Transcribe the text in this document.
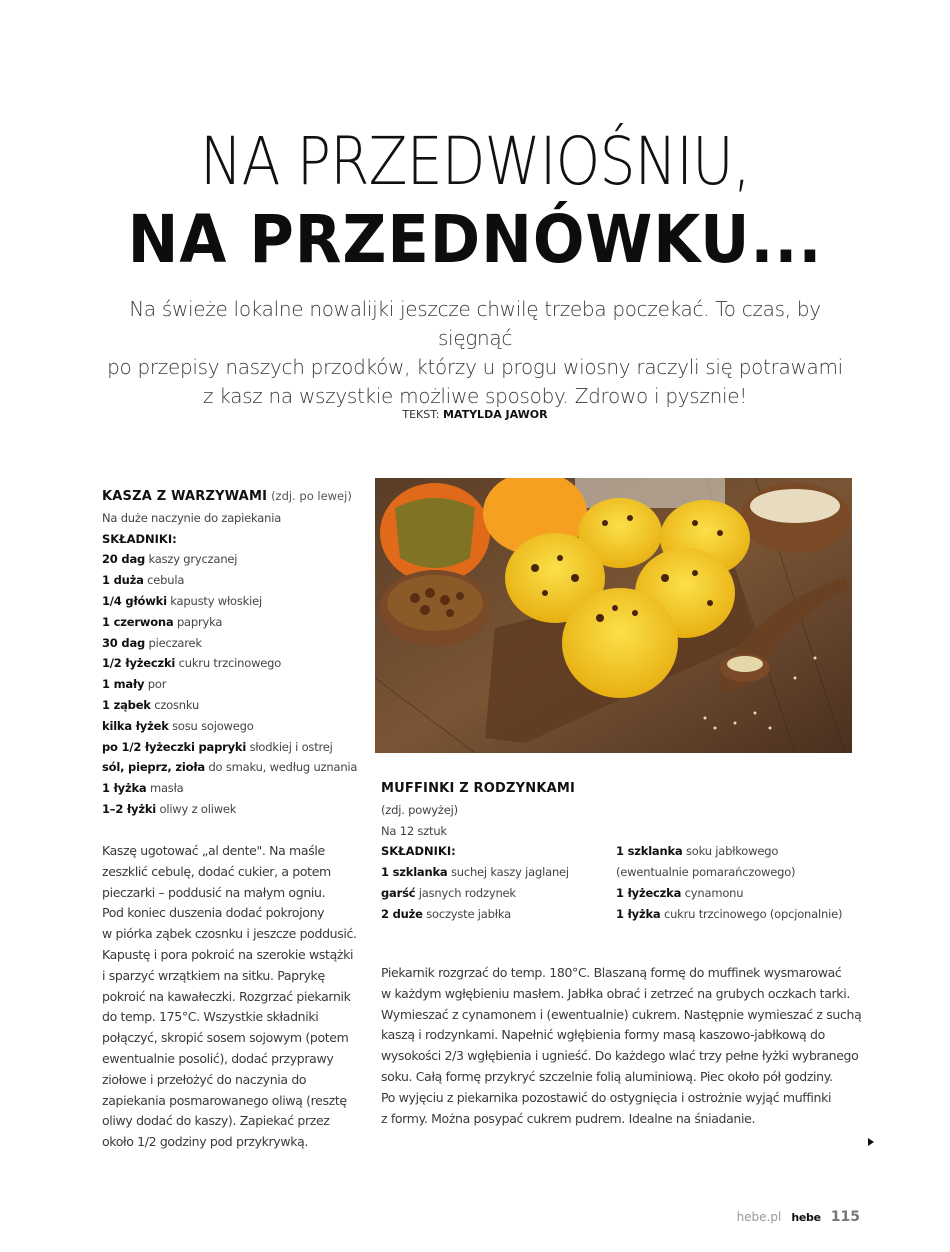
NA PRZEDWIOŚNIU,
NA PRZEDNÓWKU...
Na świeże lokalne nowalijki jeszcze chwilę trzeba poczekać. To czas, by sięgnąć
po przepisy naszych przodków, którzy u progu wiosny raczyli się potrawami
z kasz na wszystkie możliwe sposoby. Zdrowo i pysznie!
TEKST: MATYLDA JAWOR
KASZA Z WARZYWAMI (zdj. po lewej)
Na duże naczynie do zapiekania
SKŁADNIKI:
20 dag kaszy gryczanej
1 duża cebula
1/4 główki kapusty włoskiej
1 czerwona papryka
30 dag pieczarek
1/2 łyżeczki cukru trzcinowego
1 mały por
1 ząbek czosnku
kilka łyżek sosu sojowego
po 1/2 łyżeczki papryki słodkiej i ostrej
sól, pieprz, zioła do smaku, według uznania
1 łyżka masła
1–2 łyżki oliwy z oliwek
Kaszę ugotować „al dente". Na maśle
zeszklić cebulę, dodać cukier, a potem
pieczarki – poddusić na małym ogniu.
Pod koniec duszenia dodać pokrojony
w piórka ząbek czosnku i jeszcze poddusić.
Kapustę i pora pokroić na szerokie wstążki
i sparzyć wrzątkiem na sitku. Paprykę
pokroić na kawałeczki. Rozgrzać piekarnik
do temp. 175°C. Wszystkie składniki
połączyć, skropić sosem sojowym (potem
ewentualnie posolić), dodać przyprawy
ziołowe i przełożyć do naczynia do
zapiekania posmarowanego oliwą (resztę
oliwy dodać do kaszy). Zapiekać przez
około 1/2 godziny pod przykrywką.
MUFFINKI Z RODZYNKAMI
(zdj. powyżej)
Na 12 sztuk
SKŁADNIKI:
1 szklanka suchej kaszy jaglanej
garść jasnych rodzynek
2 duże soczyste jabłka
1 szklanka soku jabłkowego
(ewentualnie pomarańczowego)
1 łyżeczka cynamonu
1 łyżka cukru trzcinowego (opcjonalnie)
Piekarnik rozgrzać do temp. 180°C. Blaszaną formę do muffinek wysmarować
w każdym wgłębieniu masłem. Jabłka obrać i zetrzeć na grubych oczkach tarki.
Wymieszać z cynamonem i (ewentualnie) cukrem. Następnie wymieszać z suchą
kaszą i rodzynkami. Napełnić wgłębienia formy masą kaszowo-jabłkową do
wysokości 2/3 wgłębienia i ugnieść. Do każdego wlać trzy pełne łyżki wybranego
soku. Całą formę przykryć szczelnie folią aluminiową. Piec około pół godziny.
Po wyjęciu z piekarnika pozostawić do ostygnięcia i ostrożnie wyjąć muffinki
z formy. Można posypać cukrem pudrem. Idealne na śniadanie.
hebe.pl hebe 115
